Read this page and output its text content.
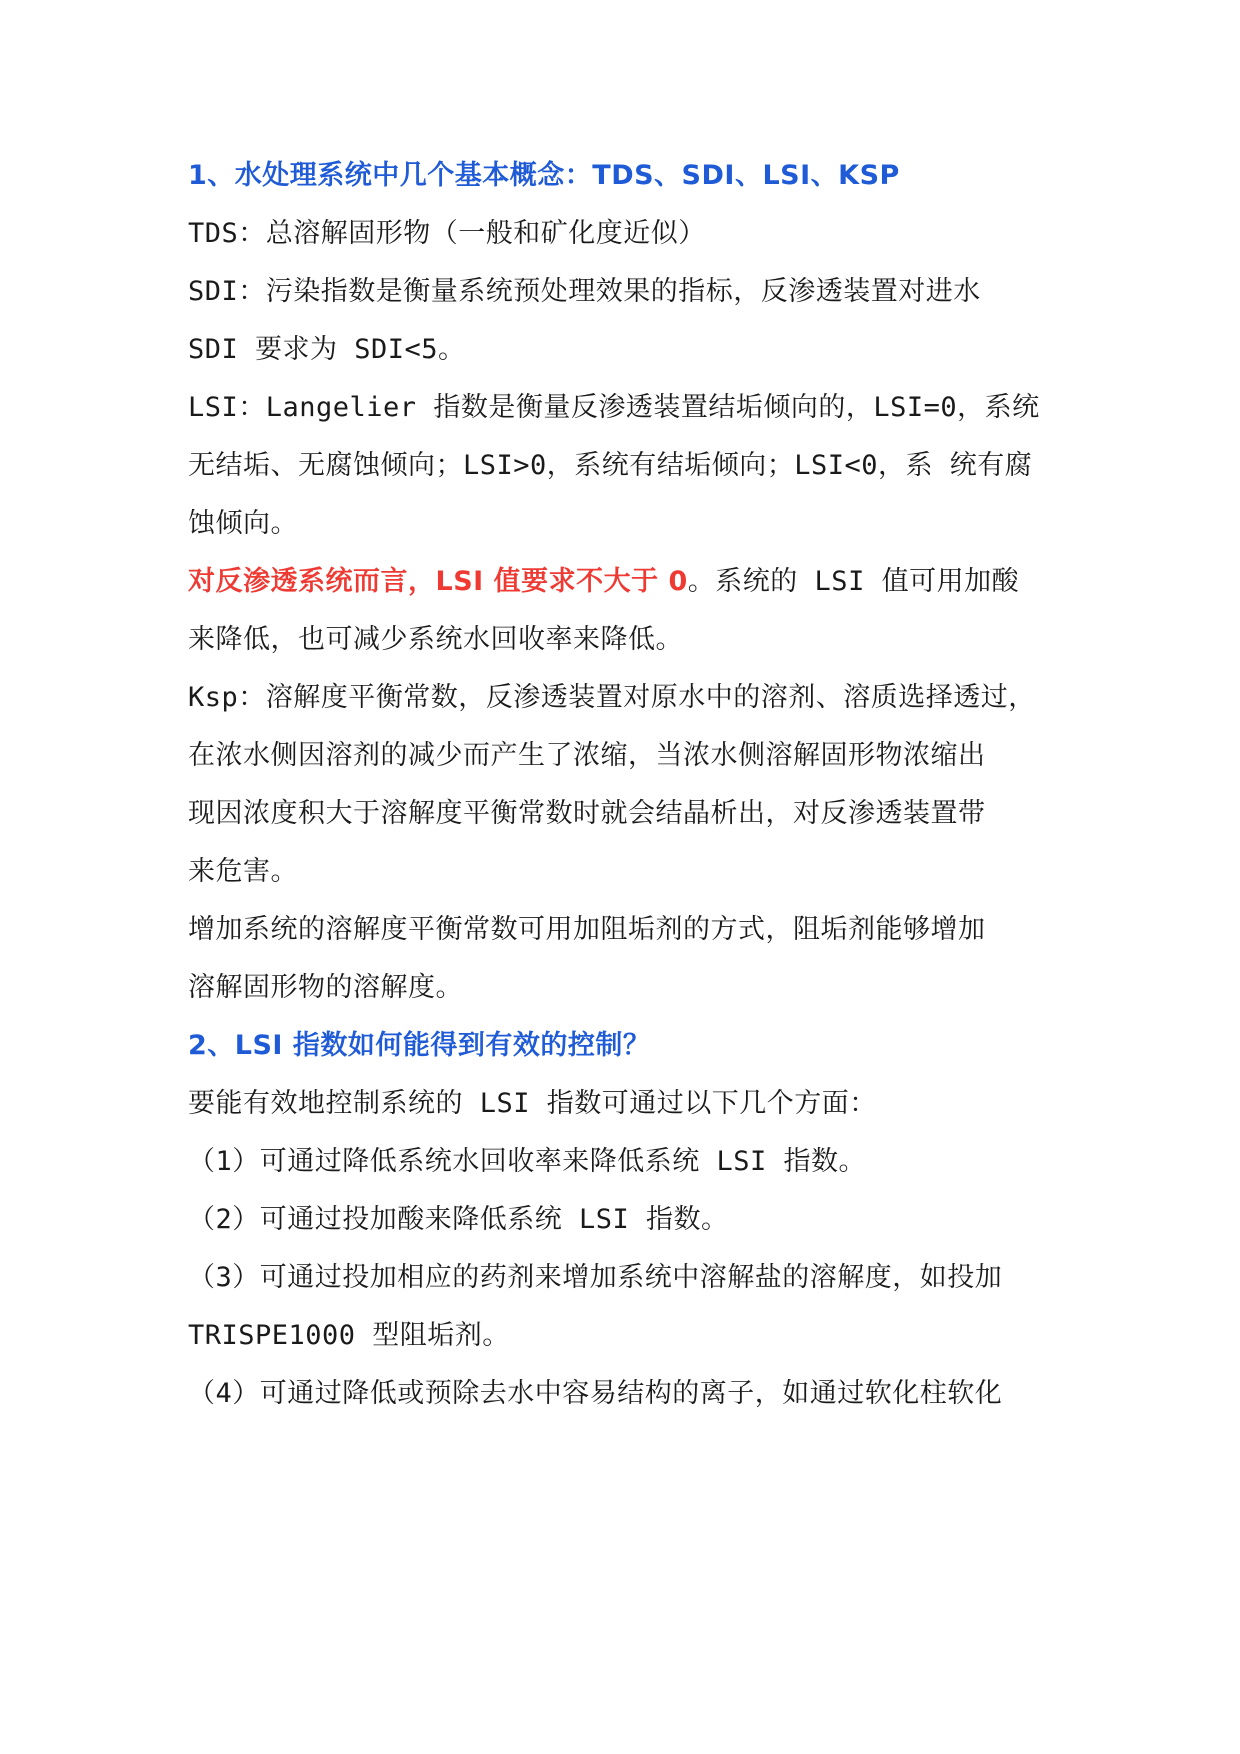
1、水处理系统中几个基本概念：TDS、SDI、LSI、KSP
TDS：总溶解固形物（一般和矿化度近似）
SDI：污染指数是衡量系统预处理效果的指标，反渗透装置对进水
SDI 要求为 SDI<5。
LSI：Langelier 指数是衡量反渗透装置结垢倾向的，LSI=0，系统
无结垢、无腐蚀倾向；LSI>0，系统有结垢倾向；LSI<0，系 统有腐
蚀倾向。
对反渗透系统而言，LSI 值要求不大于 0。系统的 LSI 值可用加酸
来降低，也可减少系统水回收率来降低。
Ksp：溶解度平衡常数，反渗透装置对原水中的溶剂、溶质选择透过，
在浓水侧因溶剂的减少而产生了浓缩，当浓水侧溶解固形物浓缩出
现因浓度积大于溶解度平衡常数时就会结晶析出，对反渗透装置带
来危害。
增加系统的溶解度平衡常数可用加阻垢剂的方式，阻垢剂能够增加
溶解固形物的溶解度。
2、LSI 指数如何能得到有效的控制？
要能有效地控制系统的 LSI 指数可通过以下几个方面：
（1）可通过降低系统水回收率来降低系统 LSI 指数。
（2）可通过投加酸来降低系统 LSI 指数。
（3）可通过投加相应的药剂来增加系统中溶解盐的溶解度，如投加
TRISPE1000 型阻垢剂。
（4）可通过降低或预除去水中容易结构的离子，如通过软化柱软化
